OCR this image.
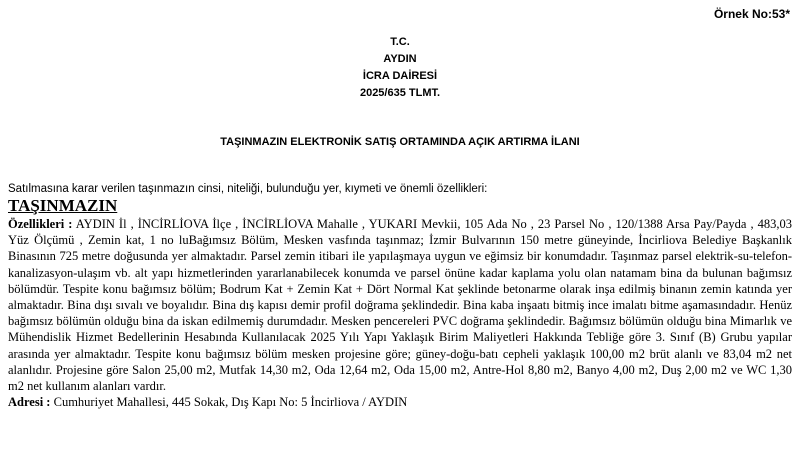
Örnek No:53*
T.C.
AYDIN
İCRA DAİRESİ
2025/635 TLMT.
TAŞINMAZIN ELEKTRONİK SATIŞ ORTAMINDA AÇIK ARTIRMA İLANI
Satılmasına karar verilen taşınmazın cinsi, niteliği, bulunduğu yer, kıymeti ve önemli özellikleri:
TAŞINMAZIN

Özellikleri : AYDIN İl , İNCİRLİOVA İlçe , İNCİRLİOVA Mahalle , YUKARI Mevkii, 105 Ada No , 23 Parsel No , 120/1388 Arsa Pay/Payda , 483,03 Yüz Ölçümü , Zemin kat, 1 no luBağımsız Bölüm, Mesken vasfında taşınmaz; İzmir Bulvarının 150 metre güneyinde, İncirliova Belediye Başkanlık Binasının 725 metre doğusunda yer almaktadır. Parsel zemin itibari ile yapılaşmaya uygun ve eğimsiz bir konumdadır. Taşınmaz parsel elektrik-su-telefon-kanalizasyon-ulaşım vb. alt yapı hizmetlerinden yararlanabilecek konumda ve parsel önüne kadar kaplama yolu olan natamam bina da bulunan bağımsız bölümdür. Tespite konu bağımsız bölüm; Bodrum Kat + Zemin Kat + Dört Normal Kat şeklinde betonarme olarak inşa edilmiş binanın zemin katında yer almaktadır. Bina dışı sıvalı ve boyalıdır. Bina dış kapısı demir profil doğrama şeklindedir. Bina kaba inşaatı bitmiş ince imalatı bitme aşamasındadır. Henüz bağımsız bölümün olduğu bina da iskan edilmemiş durumdadır. Mesken pencereleri PVC doğrama şeklindedir. Bağımsız bölümün olduğu bina Mimarlık ve Mühendislik Hizmet Bedellerinin Hesabında Kullanılacak 2025 Yılı Yapı Yaklaşık Birim Maliyetleri Hakkında Tebliğe göre 3. Sınıf (B) Grubu yapılar arasında yer almaktadır. Tespite konu bağımsız bölüm mesken projesine göre; güney-doğu-batı cepheli yaklaşık 100,00 m2 brüt alanlı ve 83,04 m2 net alanlıdır. Projesine göre Salon 25,00 m2, Mutfak 14,30 m2, Oda 12,64 m2, Oda 15,00 m2, Antre-Hol 8,80 m2, Banyo 4,00 m2, Duş 2,00 m2 ve WC 1,30 m2 net kullanım alanları vardır.

Adresi : Cumhuriyet Mahallesi, 445 Sokak, Dış Kapı No: 5 İncirliova / AYDIN
